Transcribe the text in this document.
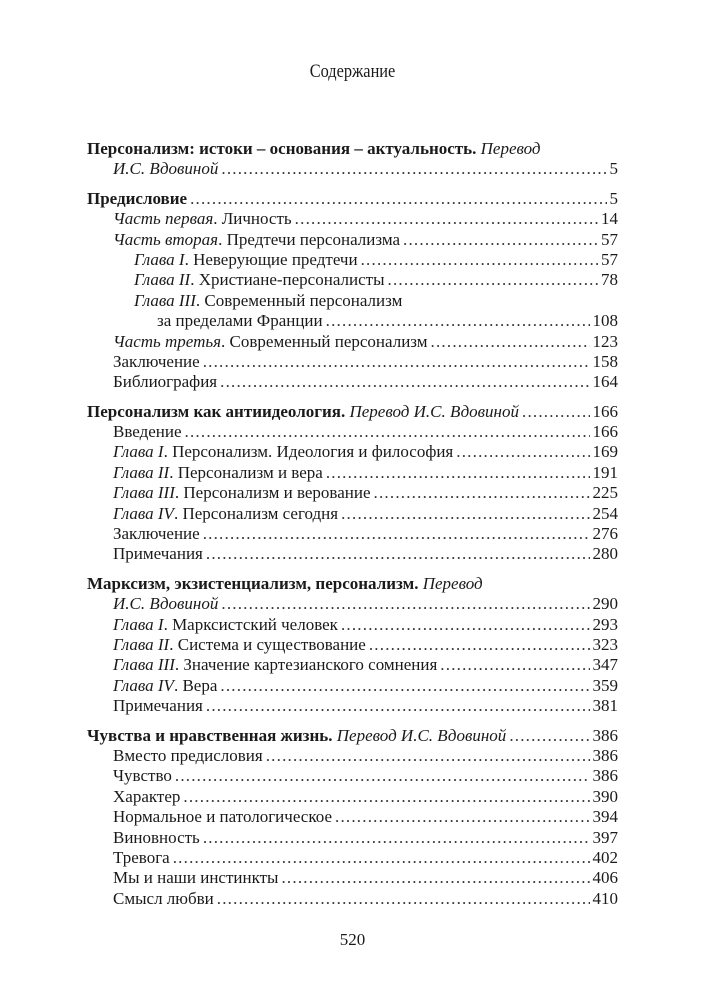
Содержание
Персонализм: истоки – основания – актуальность. Перевод
И.С. Вдовиной .....	5
Предисловие .....	5
Часть первая. Личность .....	14
Часть вторая. Предтечи персонализма .....	57
Глава I. Неверующие предтечи .....	57
Глава II. Христиане-персоналисты .....	78
Глава III. Современный персонализм
за пределами Франции .....	108
Часть третья. Современный персонализм .....	123
Заключение .....	158
Библиография .....	164
Персонализм как антиидеология. Перевод И.С. Вдовиной .....	166
Введение .....	166
Глава I. Персонализм. Идеология и философия .....	169
Глава II. Персонализм и вера .....	191
Глава III. Персонализм и верование .....	225
Глава IV. Персонализм сегодня .....	254
Заключение .....	276
Примечания .....	280
Марксизм, экзистенциализм, персонализм. Перевод
И.С. Вдовиной .....	290
Глава I. Марксистский человек .....	293
Глава II. Система и существование .....	323
Глава III. Значение картезианского сомнения .....	347
Глава IV. Вера .....	359
Примечания .....	381
Чувства и нравственная жизнь. Перевод И.С. Вдовиной .....	386
Вместо предисловия .....	386
Чувство .....	386
Характер .....	390
Нормальное и патологическое .....	394
Виновность .....	397
Тревога .....	402
Мы и наши инстинкты .....	406
Смысл любви .....	410
520
